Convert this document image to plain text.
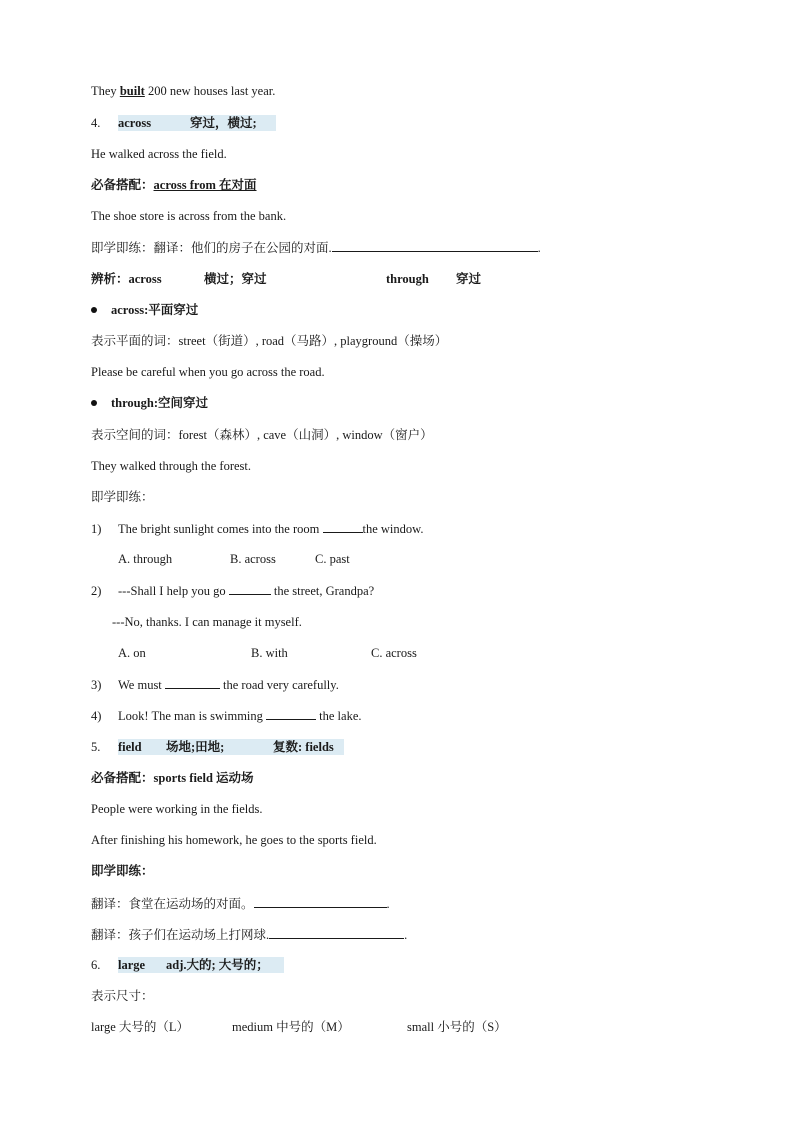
They built 200 new houses last year.
4. across	穿过，横过;
He walked across the field.
必备搭配：across from 在对面
The shoe store is across from the bank.
即学即练：翻译：他们的房子在公园的对面.	.
辨析：across	横过；穿过	through 穿过
across:平面穿过
表示平面的词：street（街道）, road（马路）, playground（操场）
Please be careful when you go across the road.
through:空间穿过
表示空间的词：forest（森林）, cave（山洞）, window（窗户）
They walked through the forest.
即学即练：
1) The bright sunlight comes into the room	the window.
A. through	B. across	C. past
2) ---Shall I help you go	the street, Grandpa?
---No, thanks. I can manage it myself.
A. on	B. with	C. across
3) We must	the road very carefully.
4) Look! The man is swimming	the lake.
5. field 场地;田地;	复数: fields
必备搭配：sports field 运动场
People were working in the fields.
After finishing his homework, he goes to the sports field.
即学即练：
翻译：食堂在运动场的对面。	.
翻译：孩子们在运动场上打网球.	.
6. large adj.大的; 大号的；
表示尺寸：
large 大号的（L）	medium 中号的（M）	small 小号的（S）
